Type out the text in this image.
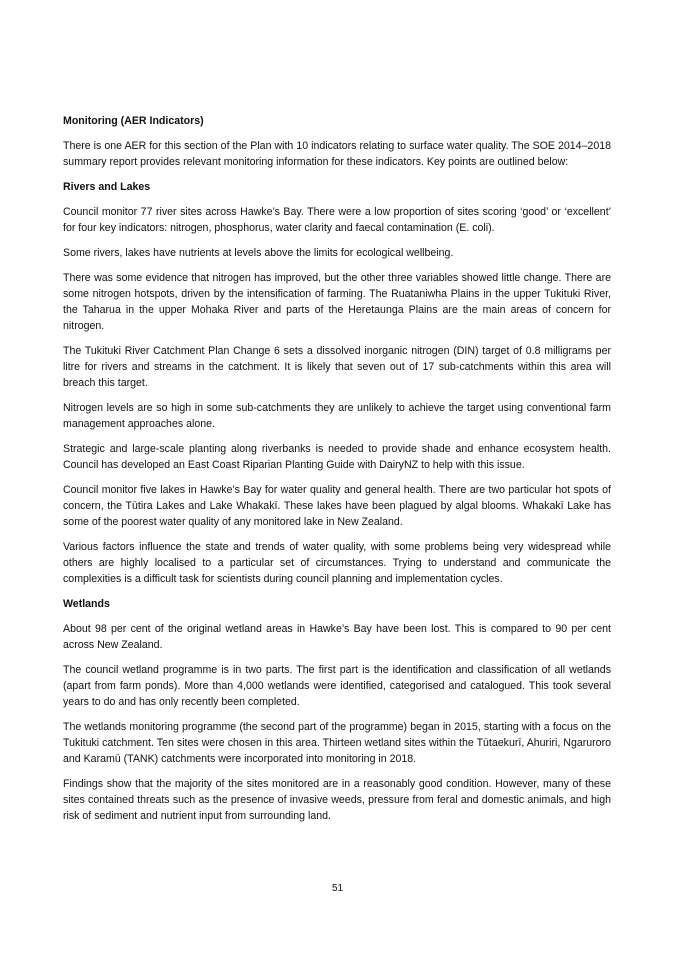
Monitoring (AER Indicators)

There is one AER for this section of the Plan with 10 indicators relating to surface water quality. The SOE 2014–2018 summary report provides relevant monitoring information for these indicators. Key points are outlined below:

Rivers and Lakes

Council monitor 77 river sites across Hawke’s Bay. There were a low proportion of sites scoring ‘good’ or ‘excellent’ for four key indicators: nitrogen, phosphorus, water clarity and faecal contamination (E. coli).

Some rivers, lakes have nutrients at levels above the limits for ecological wellbeing.

There was some evidence that nitrogen has improved, but the other three variables showed little change. There are some nitrogen hotspots, driven by the intensification of farming. The Ruataniwha Plains in the upper Tukituki River, the Taharua in the upper Mohaka River and parts of the Heretaunga Plains are the main areas of concern for nitrogen.

The Tukituki River Catchment Plan Change 6 sets a dissolved inorganic nitrogen (DIN) target of 0.8 milligrams per litre for rivers and streams in the catchment. It is likely that seven out of 17 sub-catchments within this area will breach this target.

Nitrogen levels are so high in some sub-catchments they are unlikely to achieve the target using conventional farm management approaches alone.

Strategic and large-scale planting along riverbanks is needed to provide shade and enhance ecosystem health. Council has developed an East Coast Riparian Planting Guide with DairyNZ to help with this issue.

Council monitor five lakes in Hawke’s Bay for water quality and general health. There are two particular hot spots of concern, the Tūtira Lakes and Lake Whakakī. These lakes have been plagued by algal blooms. Whakakī Lake has some of the poorest water quality of any monitored lake in New Zealand.

Various factors influence the state and trends of water quality, with some problems being very widespread while others are highly localised to a particular set of circumstances. Trying to understand and communicate the complexities is a difficult task for scientists during council planning and implementation cycles.

Wetlands

About 98 per cent of the original wetland areas in Hawke’s Bay have been lost. This is compared to 90 per cent across New Zealand.

The council wetland programme is in two parts. The first part is the identification and classification of all wetlands (apart from farm ponds). More than 4,000 wetlands were identified, categorised and catalogued. This took several years to do and has only recently been completed.

The wetlands monitoring programme (the second part of the programme) began in 2015, starting with a focus on the Tukituki catchment. Ten sites were chosen in this area. Thirteen wetland sites within the Tūtaekurī, Ahuriri, Ngaruroro and Karamū (TANK) catchments were incorporated into monitoring in 2018.

Findings show that the majority of the sites monitored are in a reasonably good condition. However, many of these sites contained threats such as the presence of invasive weeds, pressure from feral and domestic animals, and high risk of sediment and nutrient input from surrounding land.

51
